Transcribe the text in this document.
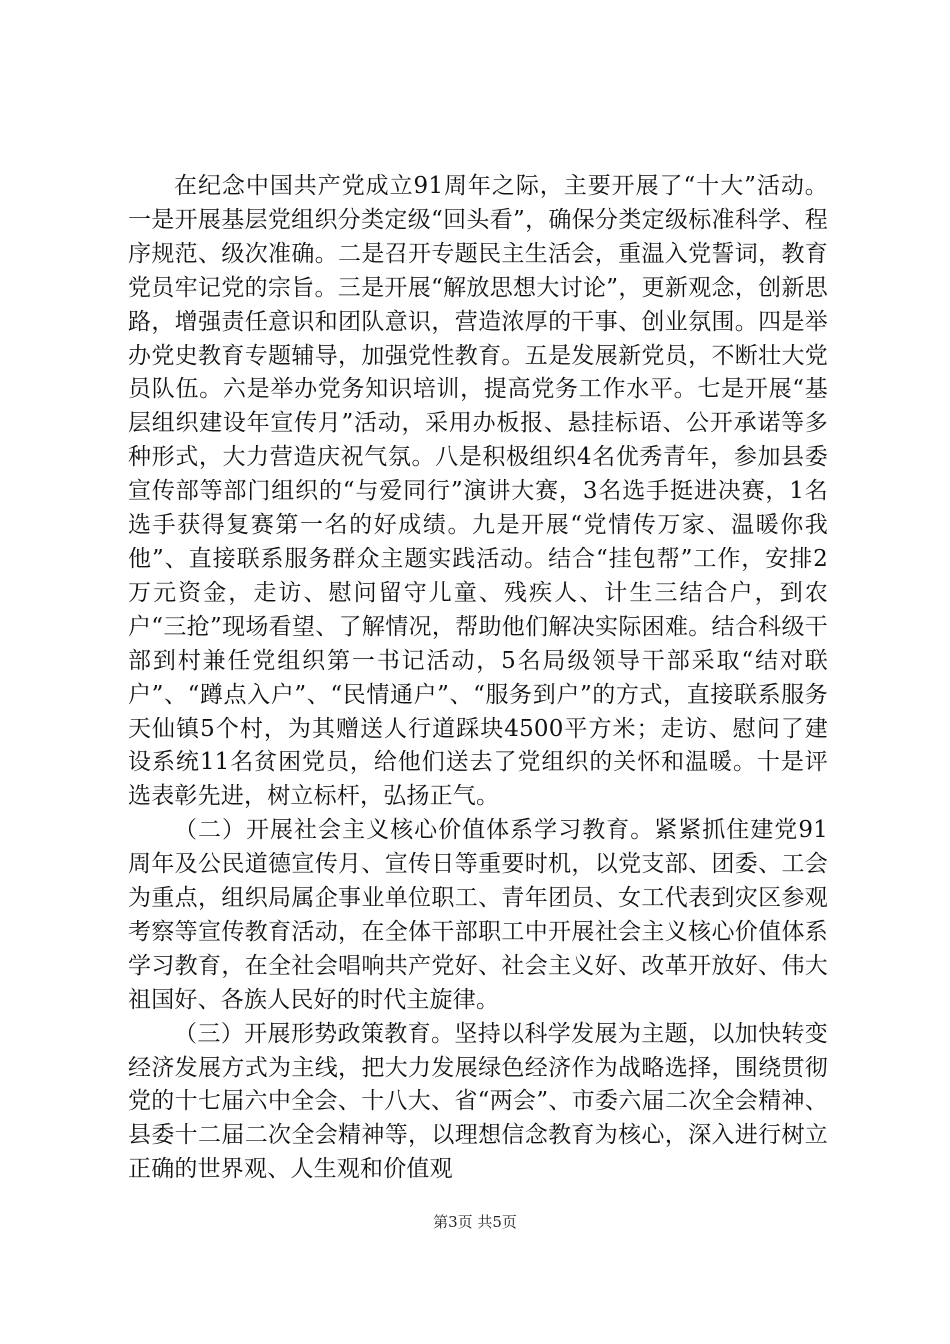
在纪念中国共产党成立91周年之际，主要开展了“十大”活动。一是开展基层党组织分类定级“回头看”，确保分类定级标准科学、程序规范、级次准确。二是召开专题民主生活会，重温入党誓词，教育党员牢记党的宗旨。三是开展“解放思想大讨论”，更新观念，创新思路，增强责任意识和团队意识，营造浓厚的干事、创业氛围。四是举办党史教育专题辅导，加强党性教育。五是发展新党员，不断壮大党员队伍。六是举办党务知识培训，提高党务工作水平。七是开展“基层组织建设年宣传月”活动，采用办板报、悬挂标语、公开承诺等多种形式，大力营造庆祝气氛。八是积极组织4名优秀青年，参加县委宣传部等部门组织的“与爱同行”演讲大赛，3名选手挺进决赛，1名选手获得复赛第一名的好成绩。九是开展“党情传万家、温暖你我他”、直接联系服务群众主题实践活动。结合“挂包帮”工作，安排2万元资金，走访、慰问留守儿童、残疾人、计生三结合户，到农户“三抢”现场看望、了解情况，帮助他们解决实际困难。结合科级干部到村兼任党组织第一书记活动，5名局级领导干部采取“结对联户”、“蹲点入户”、“民情通户”、“服务到户”的方式，直接联系服务天仙镇5个村，为其赠送人行道踩块4500平方米；走访、慰问了建设系统11名贫困党员，给他们送去了党组织的关怀和温暖。十是评选表彰先进，树立标杆，弘扬正气。

（二）开展社会主义核心价值体系学习教育。紧紧抓住建党91周年及公民道德宣传月、宣传日等重要时机，以党支部、团委、工会为重点，组织局属企事业单位职工、青年团员、女工代表到灾区参观考察等宣传教育活动，在全体干部职工中开展社会主义核心价值体系学习教育，在全社会唱响共产党好、社会主义好、改革开放好、伟大祖国好、各族人民好的时代主旋律。

（三）开展形势政策教育。坚持以科学发展为主题，以加快转变经济发展方式为主线，把大力发展绿色经济作为战略选择，围绕贯彻党的十七届六中全会、十八大、省“两会”、市委六届二次全会精神、县委十二届二次全会精神等，以理想信念教育为核心，深入进行树立正确的世界观、人生观和价值观

第3页 共5页
